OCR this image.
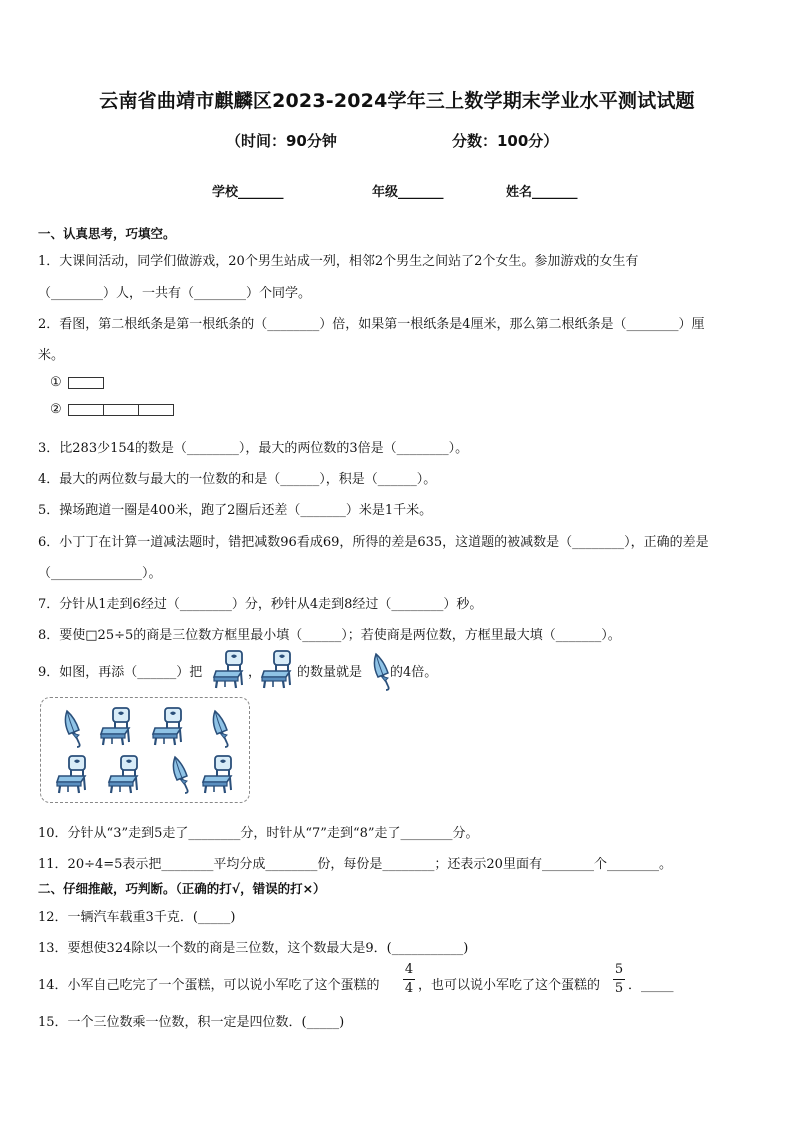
云南省曲靖市麒麟区2023-2024学年三上数学期末学业水平测试试题
（时间：90分钟	分数：100分）
学校_______	年级_______	姓名_______
一、认真思考，巧填空。
1．大课间活动，同学们做游戏，20个男生站成一列，相邻2个男生之间站了2个女生。参加游戏的女生有
（________）人，一共有（________）个同学。
2．看图，第二根纸条是第一根纸条的（________）倍，如果第一根纸条是4厘米，那么第二根纸条是（________）厘
米。
①
②
3．比283少154的数是（________），最大的两位数的3倍是（________）。
4．最大的两位数与最大的一位数的和是（______），积是（______）。
5．操场跑道一圈是400米，跑了2圈后还差（_______）米是1千米。
6．小丁丁在计算一道减法题时，错把减数96看成69，所得的差是635，这道题的被减数是（________），正确的差是
（______________）。
7．分针从1走到6经过（________）分，秒针从4走到8经过（________）秒。
8．要使□25÷5的商是三位数方框里最小填（______）；若使商是两位数，方框里最大填（_______）。
9．如图，再添（______）把	，	的数量就是 的4倍。
10．分针从“3”走到5走了________分，时针从“7”走到“8”走了________分。
11．20÷4=5表示把________平均分成________份，每份是________；还表示20里面有________个________。
二、仔细推敲，巧判断。（正确的打√，错误的打×）
12．一辆汽车载重3千克．(_____)
13．要想使324除以一个数的商是三位数，这个数最大是9．(___________)
14．小军自己吃完了一个蛋糕，可以说小军吃了这个蛋糕的
4
4 ，也可以说小军吃了这个蛋糕的
5
5 ．_____
15．一个三位数乘一位数，积一定是四位数．(_____)
